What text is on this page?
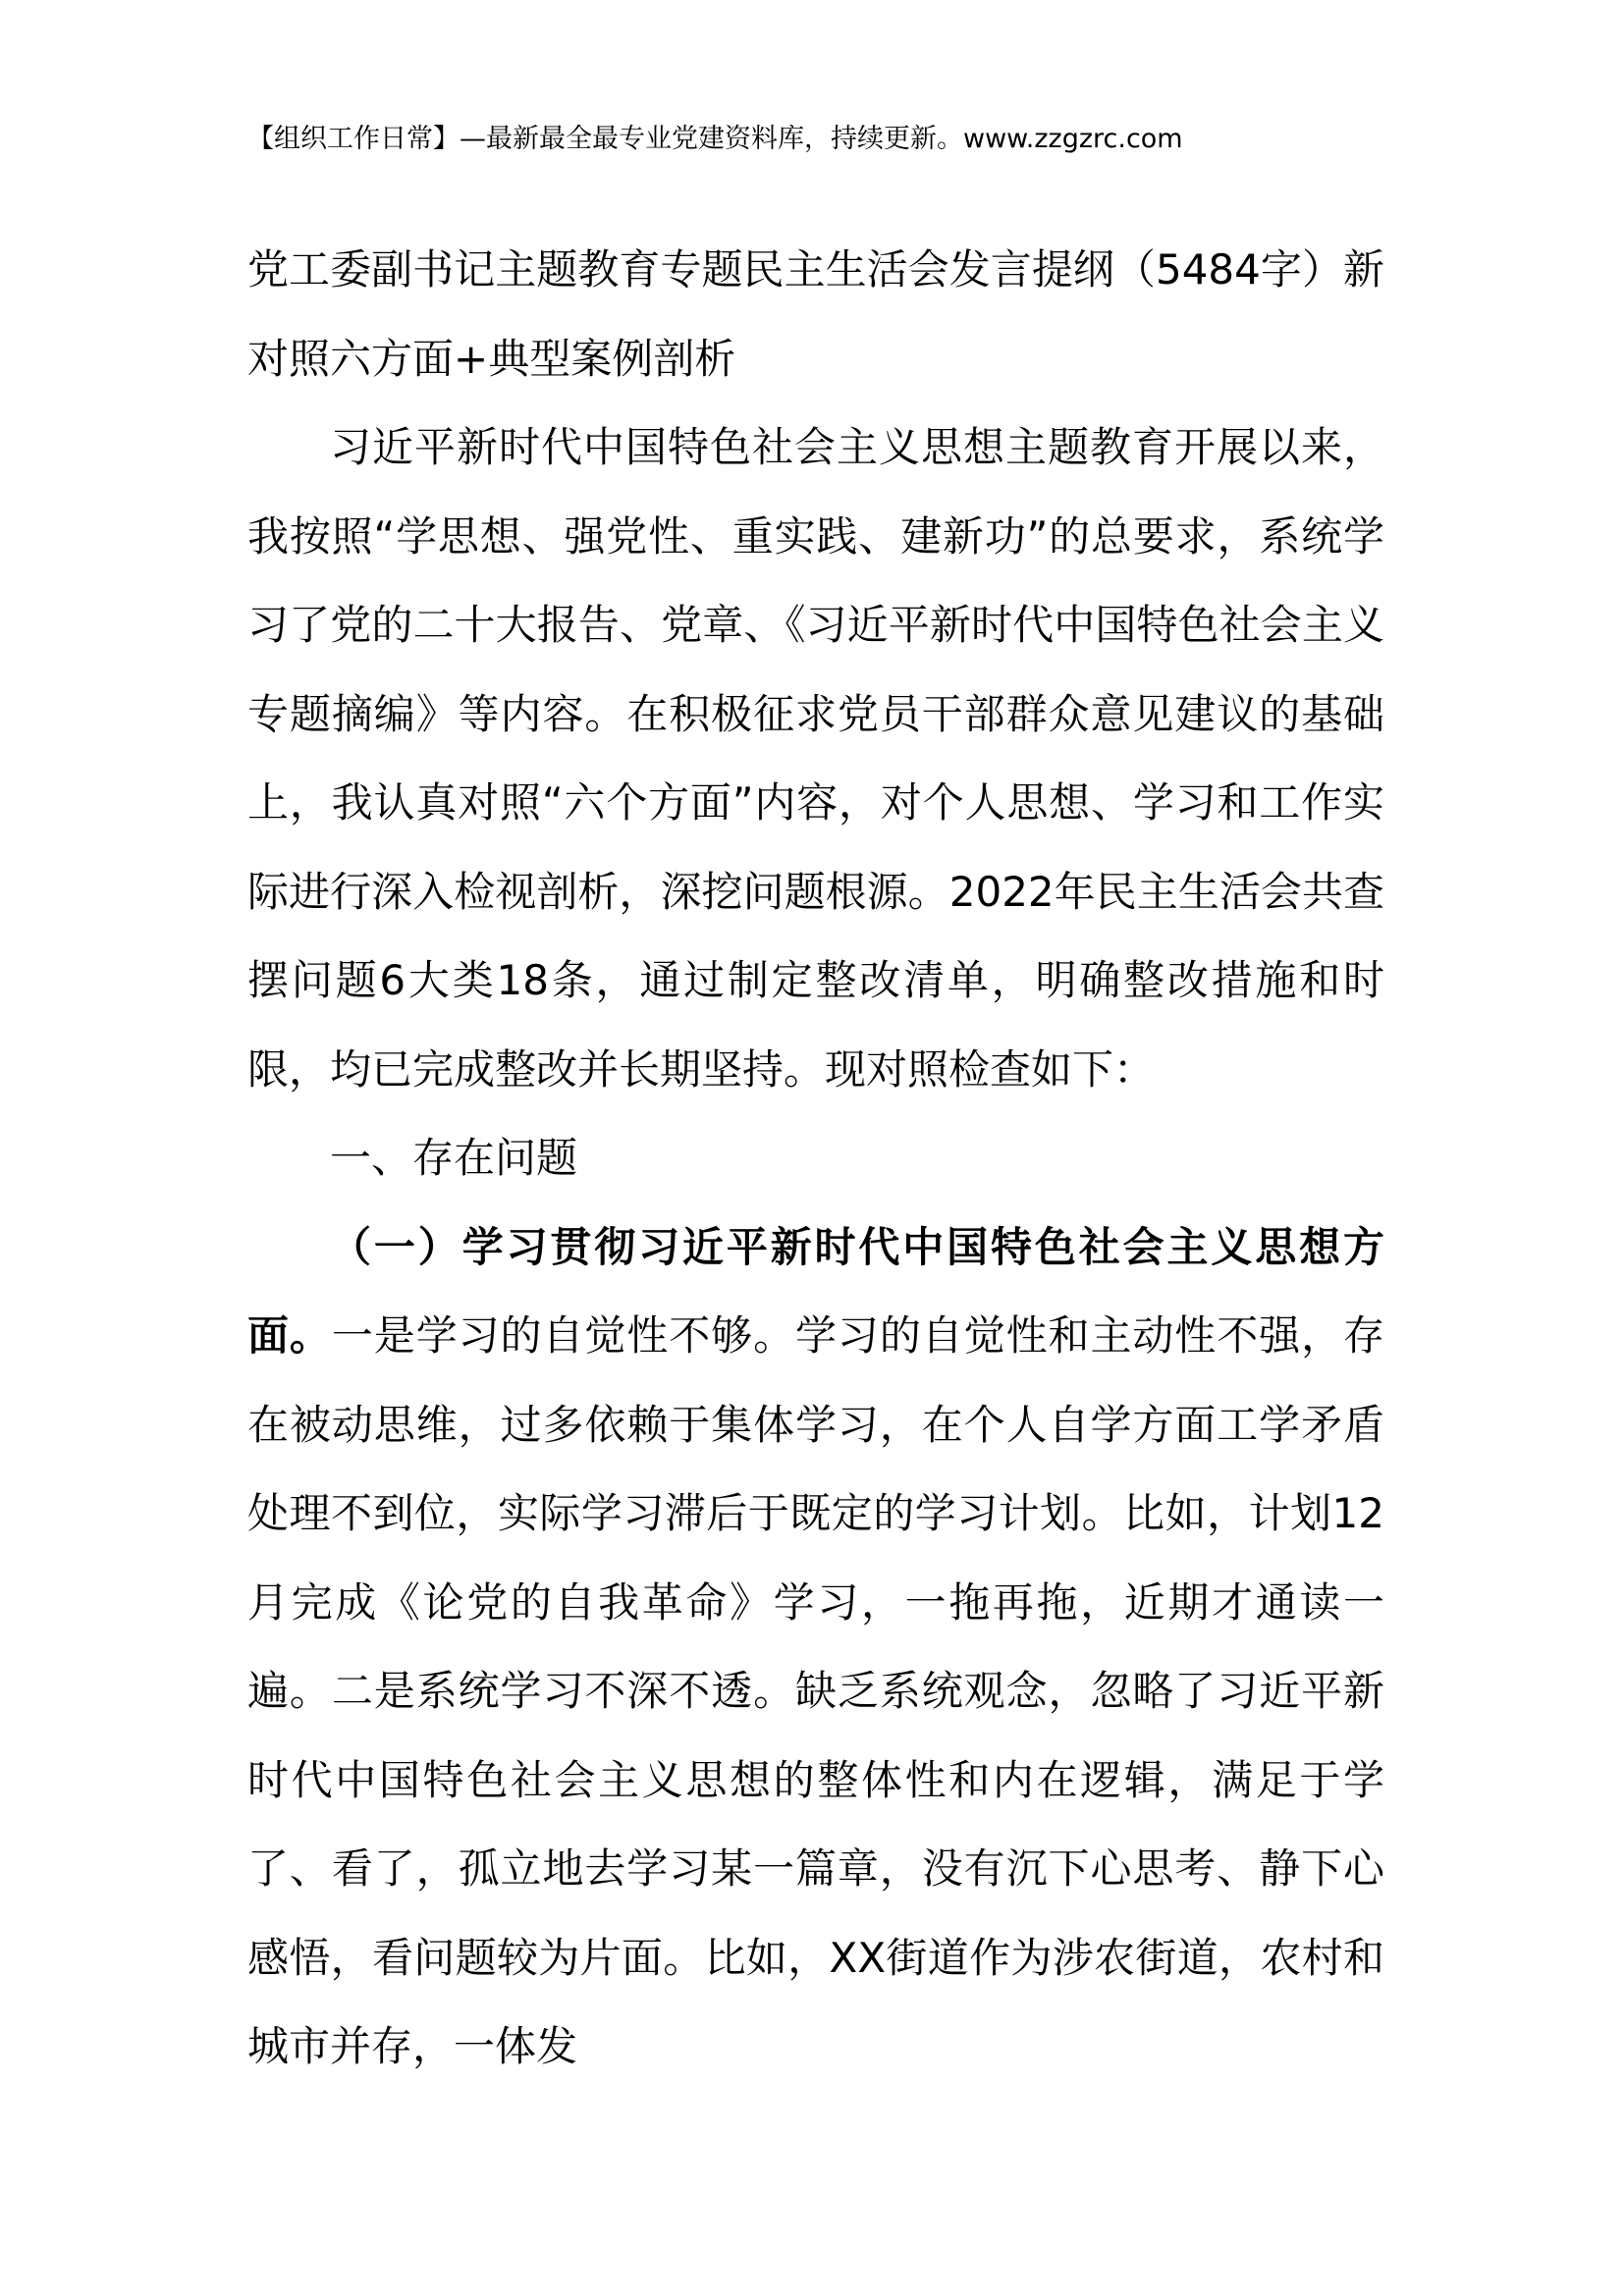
【组织工作日常】—最新最全最专业党建资料库，持续更新。www.zzgzrc.com

党工委副书记主题教育专题民主生活会发言提纲（5484字）新对照六方面+典型案例剖析

习近平新时代中国特色社会主义思想主题教育开展以来，我按照“学思想、强党性、重实践、建新功”的总要求，系统学习了党的二十大报告、党章、《习近平新时代中国特色社会主义专题摘编》等内容。在积极征求党员干部群众意见建议的基础上，我认真对照“六个方面”内容，对个人思想、学习和工作实际进行深入检视剖析，深挖问题根源。2022年民主生活会共查摆问题6大类18条，通过制定整改清单，明确整改措施和时限，均已完成整改并长期坚持。现对照检查如下：

一、存在问题

（一）学习贯彻习近平新时代中国特色社会主义思想方面。一是学习的自觉性不够。学习的自觉性和主动性不强，存在被动思维，过多依赖于集体学习，在个人自学方面工学矛盾处理不到位，实际学习滞后于既定的学习计划。比如，计划12月完成《论党的自我革命》学习，一拖再拖，近期才通读一遍。二是系统学习不深不透。缺乏系统观念，忽略了习近平新时代中国特色社会主义思想的整体性和内在逻辑，满足于学了、看了，孤立地去学习某一篇章，没有沉下心思考、静下心感悟，看问题较为片面。比如，XX街道作为涉农街道，农村和城市并存，一体发
